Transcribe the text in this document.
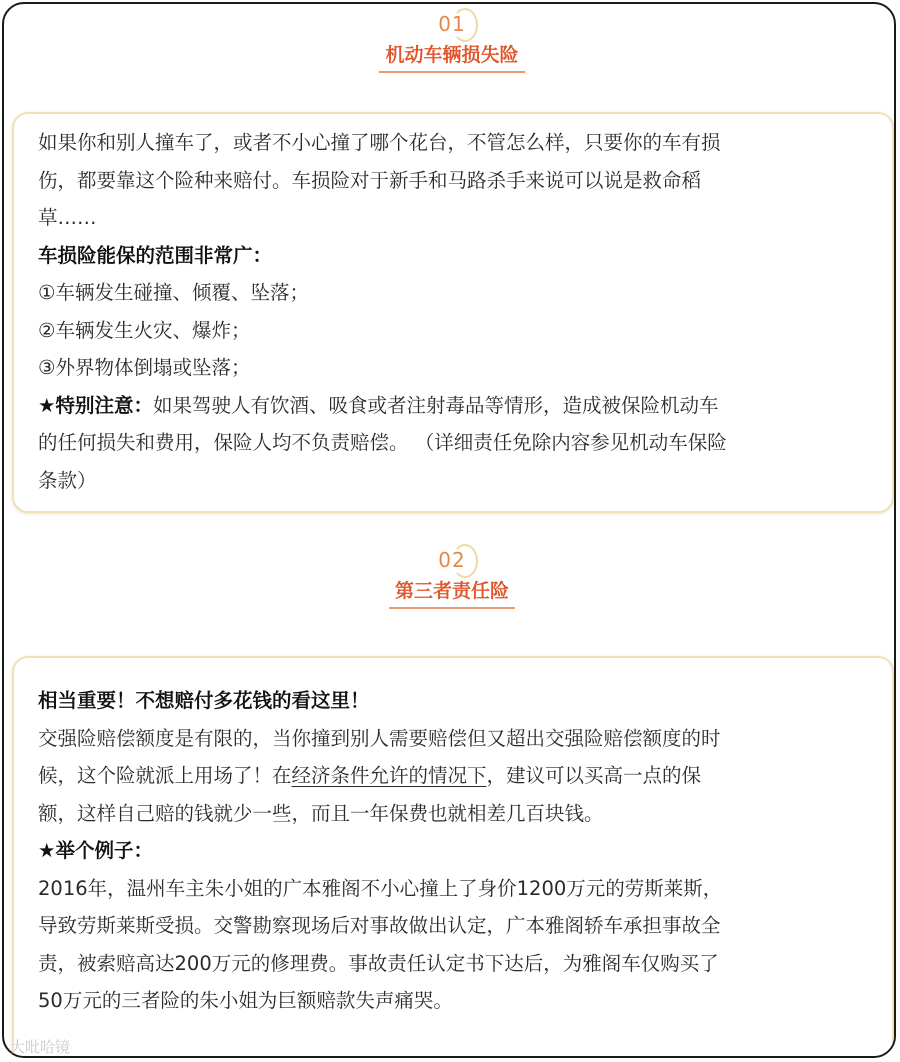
01
机动车辆损失险
如果你和别人撞车了，或者不小心撞了哪个花台，不管怎么样，只要你的车有损
伤，都要靠这个险种来赔付。车损险对于新手和马路杀手来说可以说是救命稻
草……
车损险能保的范围非常广：
①车辆发生碰撞、倾覆、坠落；
②车辆发生火灾、爆炸；
③外界物体倒塌或坠落；
★特别注意：如果驾驶人有饮酒、吸食或者注射毒品等情形，造成被保险机动车
的任何损失和费用，保险人均不负责赔偿。 （详细责任免除内容参见机动车保险
条款）
02
第三者责任险
相当重要！不想赔付多花钱的看这里！
交强险赔偿额度是有限的，当你撞到别人需要赔偿但又超出交强险赔偿额度的时
候，这个险就派上用场了！在经济条件允许的情况下，建议可以买高一点的保
额，这样自己赔的钱就少一些，而且一年保费也就相差几百块钱。
★举个例子：
2016年，温州车主朱小姐的广本雅阁不小心撞上了身价1200万元的劳斯莱斯，
导致劳斯莱斯受损。交警勘察现场后对事故做出认定，广本雅阁轿车承担事故全
责，被索赔高达200万元的修理费。事故责任认定书下达后，为雅阁车仅购买了
50万元的三者险的朱小姐为巨额赔款失声痛哭。
大吡哈镜
